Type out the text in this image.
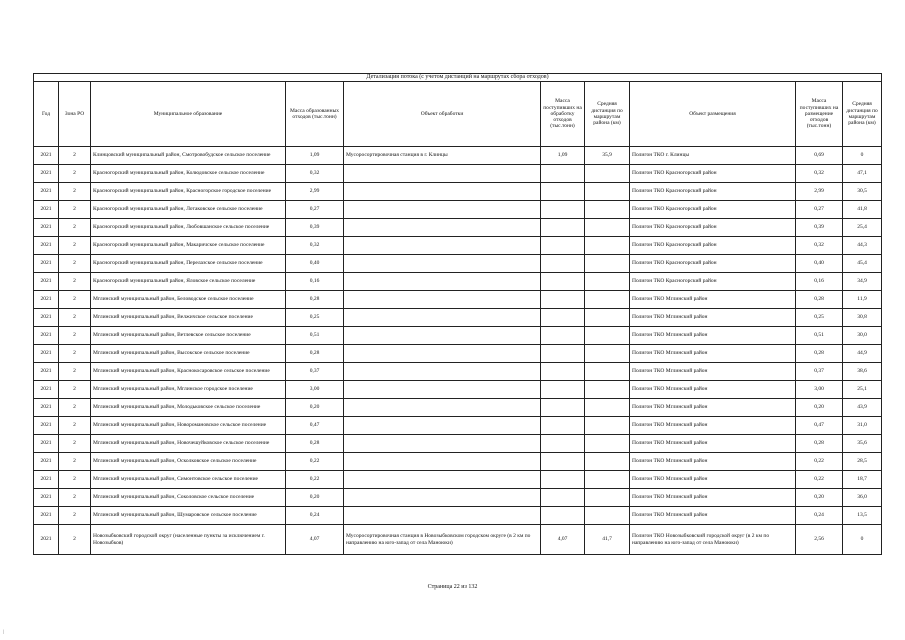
Детализация потока (с учетом дистанций на маршрутах сбора отходов)									
Год	Зона РО	Муниципальное образование	Масса образованных отходов (тыс.тонн)	Объект обработки	Масса поступивших на обработку отходов (тыс.тонн)	Средняя дистанция по маршрутам района (км)	Объект размещения	Масса поступивших на размещение отходов (тыс.тонн)	Средняя дистанция по маршрутам района (км)
2021	2	Клинцовский муниципальный район, Смотровобудское сельское поселение	1,09	Мусоросортировочная станция в г. Клинцы	1,09	35,9	Полигон ТКО г. Клинцы	0,69	0
2021	2	Красногорский муниципальный район, Колюдовское сельское поселение	0,32				Полигон ТКО Красногорский район	0,32	47,1
2021	2	Красногорский муниципальный район, Красногорское городское поселение	2,99				Полигон ТКО Красногорский район	2,99	30,5
2021	2	Красногорский муниципальный район, Лотаковское сельское поселение	0,27				Полигон ТКО Красногорский район	0,27	41,8
2021	2	Красногорский муниципальный район, Любовшанское сельское поселение	0,39				Полигон ТКО Красногорский район	0,39	25,4
2021	2	Красногорский муниципальный район, Макаричское сельское поселение	0,32				Полигон ТКО Красногорский район	0,32	44,3
2021	2	Красногорский муниципальный район, Перелазское сельское поселение	0,40				Полигон ТКО Красногорский район	0,40	45,4
2021	2	Красногорский муниципальный район, Яловское сельское поселение	0,16				Полигон ТКО Красногорский район	0,16	34,9
2021	2	Мглинский муниципальный район, Беловодское сельское поселение	0,28				Полигон ТКО Мглинский район	0,28	11,9
2021	2	Мглинский муниципальный район, Велжичское сельское поселение	0,25				Полигон ТКО Мглинский район	0,25	30,8
2021	2	Мглинский муниципальный район, Ветлевское сельское поселение	0,51				Полигон ТКО Мглинский район	0,51	30,0
2021	2	Мглинский муниципальный район, Высокское сельское поселение	0,28				Полигон ТКО Мглинский район	0,28	44,9
2021	2	Мглинский муниципальный район, Краснокосаровское сельское поселение	0,37				Полигон ТКО Мглинский район	0,37	38,6
2021	2	Мглинский муниципальный район, Мглинское городское поселение	3,00				Полигон ТКО Мглинский район	3,00	25,1
2021	2	Мглинский муниципальный район, Молодьковское сельское поселение	0,20				Полигон ТКО Мглинский район	0,20	43,9
2021	2	Мглинский муниципальный район, Новоромановское сельское поселение	0,47				Полигон ТКО Мглинский район	0,47	31,0
2021	2	Мглинский муниципальный район, Новочешуйковское сельское поселение	0,28				Полигон ТКО Мглинский район	0,28	35,6
2021	2	Мглинский муниципальный район, Осколковское сельское поселение	0,22				Полигон ТКО Мглинский район	0,22	28,5
2021	2	Мглинский муниципальный район, Симонтовское сельское поселение	0,22				Полигон ТКО Мглинский район	0,22	18,7
2021	2	Мглинский муниципальный район, Соколовское сельское поселение	0,20				Полигон ТКО Мглинский район	0,20	36,0
2021	2	Мглинский муниципальный район, Шумаровское сельское поселение	0,24				Полигон ТКО Мглинский район	0,24	13,5
2021	2	Новозыбковский городской округ (населенные пункты за исключением г. Новозыбков)	4,07	Мусоросортировочная станция в Новозыбковском городском округе (в 2 км по направлению на юго-запад от села Маноюки)	4,07	41,7	Полигон ТКО Новозыбковский городской округ (в 2 км по направлению на юго-запад от села Маноюки)	2,56	0
Страница 22 из 132
|
